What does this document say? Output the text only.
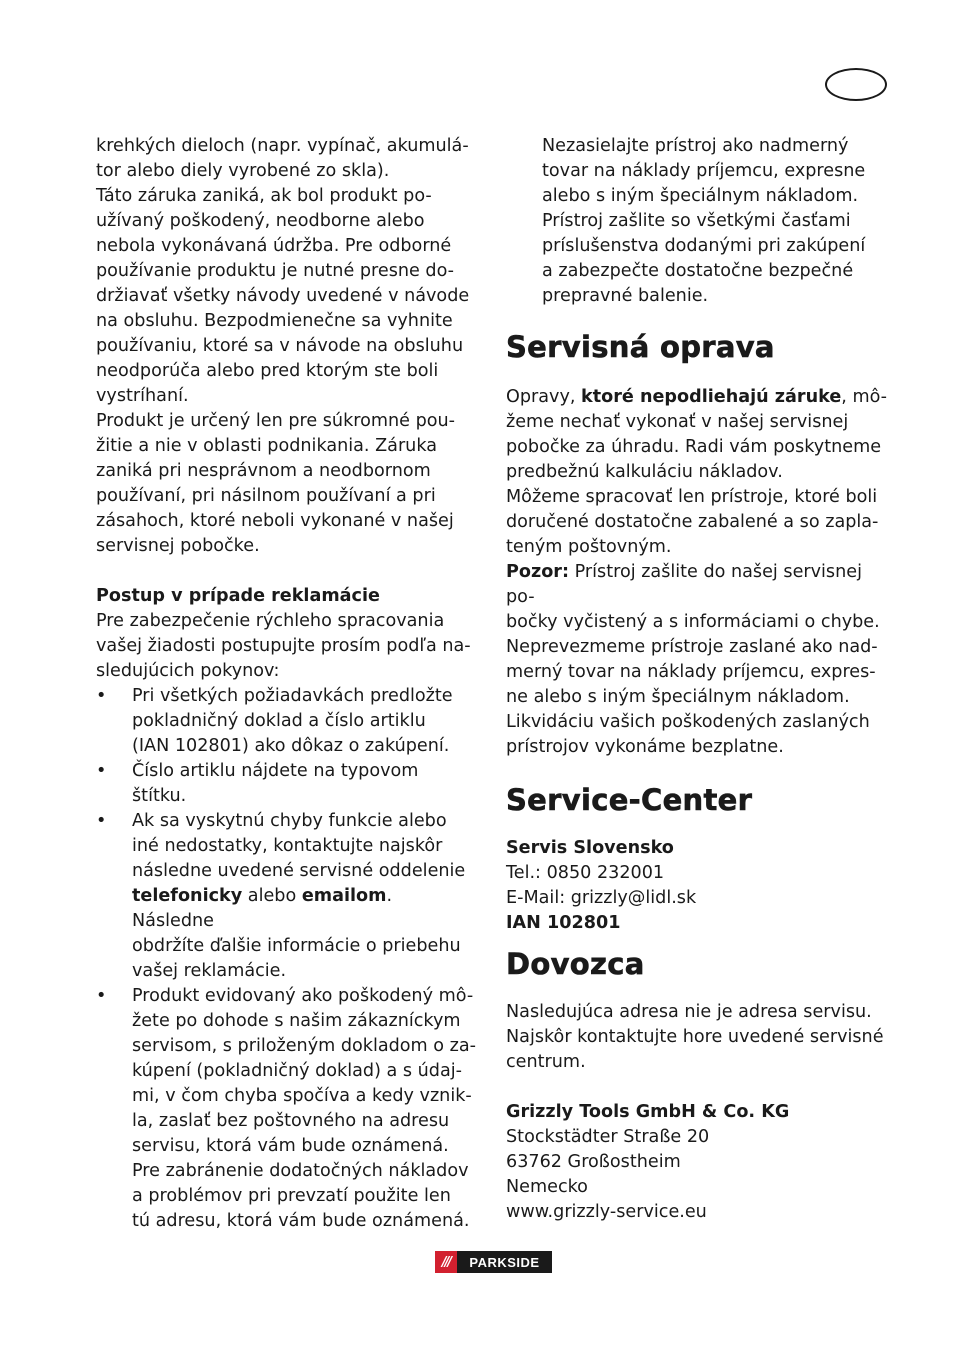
krehkých dieloch (napr. vypínač, akumulá-
tor alebo diely vyrobené zo skla).

Táto záruka zaniká, ak bol produkt po-
užívaný poškodený, neodborne alebo
nebola vykonávaná údržba. Pre odborné
používanie produktu je nutné presne do-
držiavať všetky návody uvedené v návode
na obsluhu. Bezpodmienečne sa vyhnite
používaniu, ktoré sa v návode na obsluhu
neodporúča alebo pred ktorým ste boli
vystríhaní.

Produkt je určený len pre súkromné pou-
žitie a nie v oblasti podnikania. Záruka
zaniká pri nesprávnom a neodbornom
používaní, pri násilnom používaní a pri
zásahoch, ktoré neboli vykonané v našej
servisnej pobočke.

Postup v prípade reklamácie

Pre zabezpečenie rýchleho spracovania
vašej žiadosti postupujte prosím podľa na-
sledujúcich pokynov:

• Pri všetkých požiadavkách predložte
pokladničný doklad a číslo artiklu
(IAN 102801) ako dôkaz o zakúpení.
• Číslo artiklu nájdete na typovom štítku.
• Ak sa vyskytnú chyby funkcie alebo
iné nedostatky, kontaktujte najskôr
následne uvedené servisné oddelenie
telefonicky alebo emailom. Následne
obdržíte ďalšie informácie o priebehu
vašej reklamácie.
• Produkt evidovaný ako poškodený mô-
žete po dohode s našim zákazníckym
servisom, s priloženým dokladom o za-
kúpení (pokladničný doklad) a s údaj-
mi, v čom chyba spočíva a kedy vznik-
la, zaslať bez poštovného na adresu
servisu, ktorá vám bude oznámená.
Pre zabránenie dodatočných nákladov
a problémov pri prevzatí použite len
tú adresu, ktorá vám bude oznámená.

Nezasielajte prístroj ako nadmerný
tovar na náklady príjemcu, expresne
alebo s iným špeciálnym nákladom.
Prístroj zašlite so všetkými časťami
príslušenstva dodanými pri zakúpení
a zabezpečte dostatočne bezpečné
prepravné balenie.

Servisná oprava

Opravy, ktoré nepodliehajú záruke, mô-
žeme nechať vykonať v našej servisnej
pobočke za úhradu. Radi vám poskytneme
predbežnú kalkuláciu nákladov.
Môžeme spracovať len prístroje, ktoré boli
doručené dostatočne zabalené a so zapla-
teným poštovným.

Pozor: Prístroj zašlite do našej servisnej po-
bočky vyčistený a s informáciami o chybe.
Neprevezmeme prístroje zaslané ako nad-
merný tovar na náklady príjemcu, expres-
ne alebo s iným špeciálnym nákladom.
Likvidáciu vašich poškodených zaslaných
prístrojov vykonáme bezplatne.

Service-Center

Servis Slovensko

Tel.: 0850 232001

E-Mail: grizzly@lidl.sk

IAN 102801

Dovozca

Nasledujúca adresa nie je adresa servisu.
Najskôr kontaktujte hore uvedené servisné
centrum.

Grizzly Tools GmbH & Co. KG

Stockstädter Straße 20
63762 Großostheim
Nemecko
www.grizzly-service.eu

///	PARKSIDE
